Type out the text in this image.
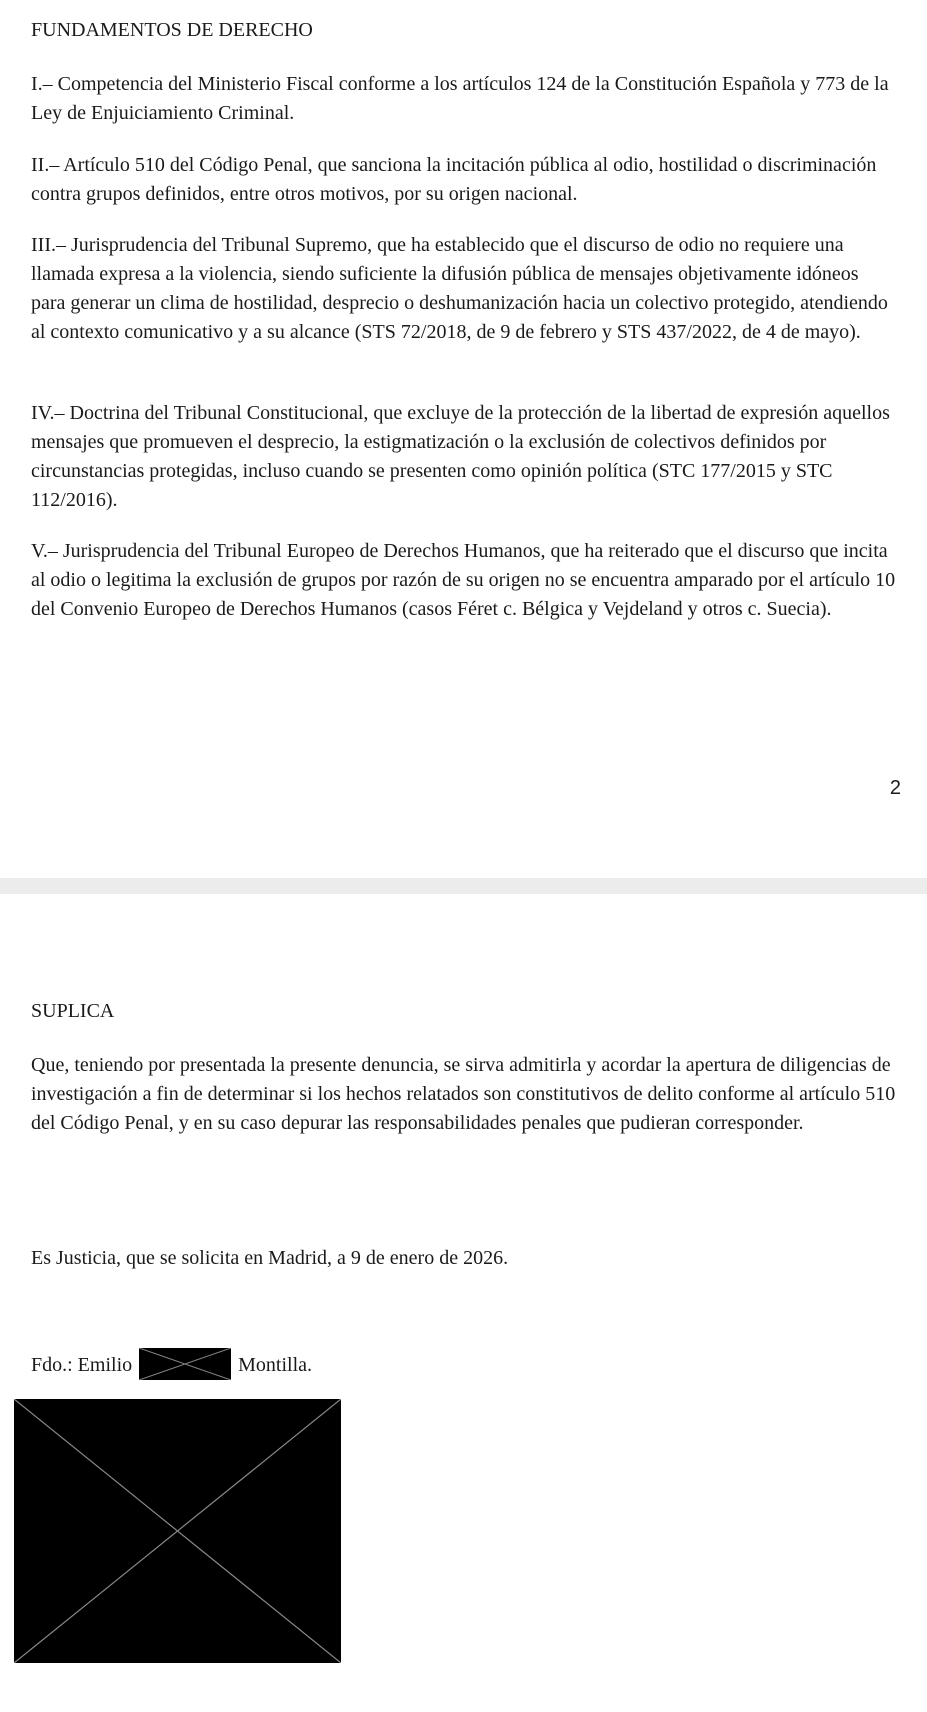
FUNDAMENTOS DE DERECHO

I.– Competencia del Ministerio Fiscal conforme a los artículos 124 de la Constitución Española y 773 de la Ley de Enjuiciamiento Criminal.

II.– Artículo 510 del Código Penal, que sanciona la incitación pública al odio, hostilidad o discriminación contra grupos definidos, entre otros motivos, por su origen nacional.

III.– Jurisprudencia del Tribunal Supremo, que ha establecido que el discurso de odio no requiere una llamada expresa a la violencia, siendo suficiente la difusión pública de mensajes objetivamente idóneos para generar un clima de hostilidad, desprecio o deshumanización hacia un colectivo protegido, atendiendo al contexto comunicativo y a su alcance (STS 72/2018, de 9 de febrero y STS 437/2022, de 4 de mayo).

IV.– Doctrina del Tribunal Constitucional, que excluye de la protección de la libertad de expresión aquellos mensajes que promueven el desprecio, la estigmatización o la exclusión de colectivos definidos por circunstancias protegidas, incluso cuando se presenten como opinión política (STC 177/2015 y STC 112/2016).

V.– Jurisprudencia del Tribunal Europeo de Derechos Humanos, que ha reiterado que el discurso que incita al odio o legitima la exclusión de grupos por razón de su origen no se encuentra amparado por el artículo 10 del Convenio Europeo de Derechos Humanos (casos Féret c. Bélgica y Vejdeland y otros c. Suecia).

2
SUPLICA

Que, teniendo por presentada la presente denuncia, se sirva admitirla y acordar la apertura de diligencias de investigación a fin de determinar si los hechos relatados son constitutivos de delito conforme al artículo 510 del Código Penal, y en su caso depurar las responsabilidades penales que pudieran corresponder.

Es Justicia, que se solicita en Madrid, a 9 de enero de 2026.

Fdo.: Emilio	Montilla.
